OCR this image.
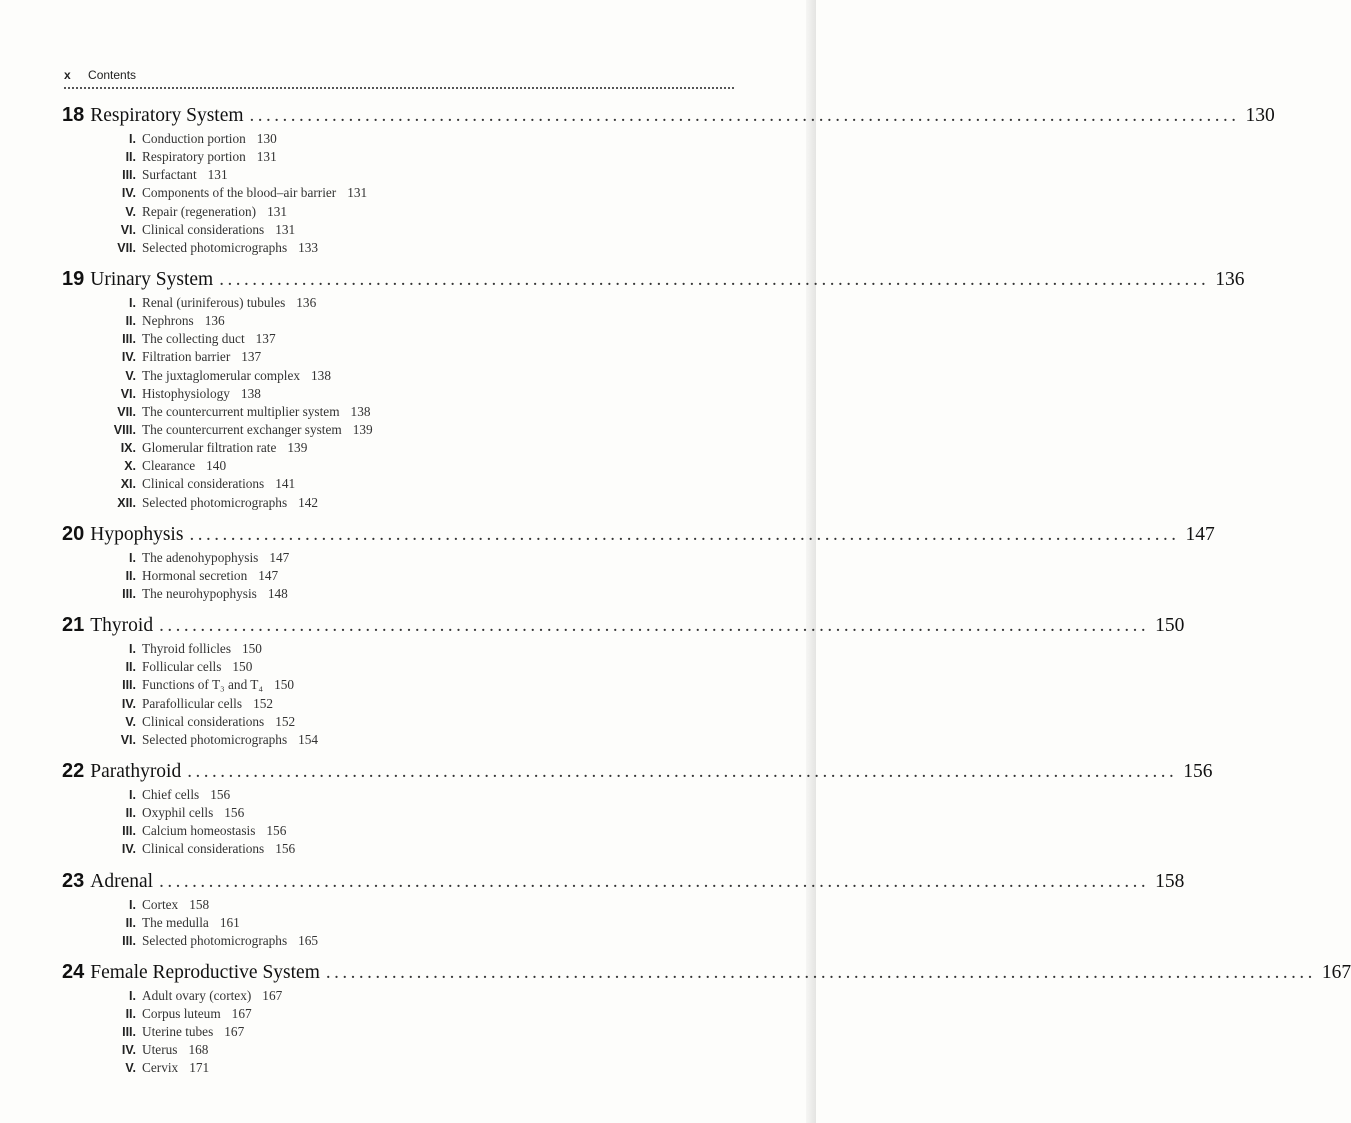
x Contents
18 Respiratory System ........................................................................................................................ 130
I. Conduction portion 130
II. Respiratory portion 131
III. Surfactant 131
IV. Components of the blood–air barrier 131
V. Repair (regeneration) 131
VI. Clinical considerations 131
VII. Selected photomicrographs 133
19 Urinary System ........................................................................................................................ 136
I. Renal (uriniferous) tubules 136
II. Nephrons 136
III. The collecting duct 137
IV. Filtration barrier 137
V. The juxtaglomerular complex 138
VI. Histophysiology 138
VII. The countercurrent multiplier system 138
VIII. The countercurrent exchanger system 139
IX. Glomerular filtration rate 139
X. Clearance 140
XI. Clinical considerations 141
XII. Selected photomicrographs 142
20 Hypophysis ........................................................................................................................ 147
I. The adenohypophysis 147
II. Hormonal secretion 147
III. The neurohypophysis 148
21 Thyroid ........................................................................................................................ 150
I. Thyroid follicles 150
II. Follicular cells 150
III. Functions of T₃ and T₄ 150
IV. Parafollicular cells 152
V. Clinical considerations 152
VI. Selected photomicrographs 154
22 Parathyroid ........................................................................................................................ 156
I. Chief cells 156
II. Oxyphil cells 156
III. Calcium homeostasis 156
IV. Clinical considerations 156
23 Adrenal ........................................................................................................................ 158
I. Cortex 158
II. The medulla 161
III. Selected photomicrographs 165
24 Female Reproductive System ........................................................................................................................ 167
I. Adult ovary (cortex) 167
II. Corpus luteum 167
III. Uterine tubes 167
IV. Uterus 168
V. Cervix 171
